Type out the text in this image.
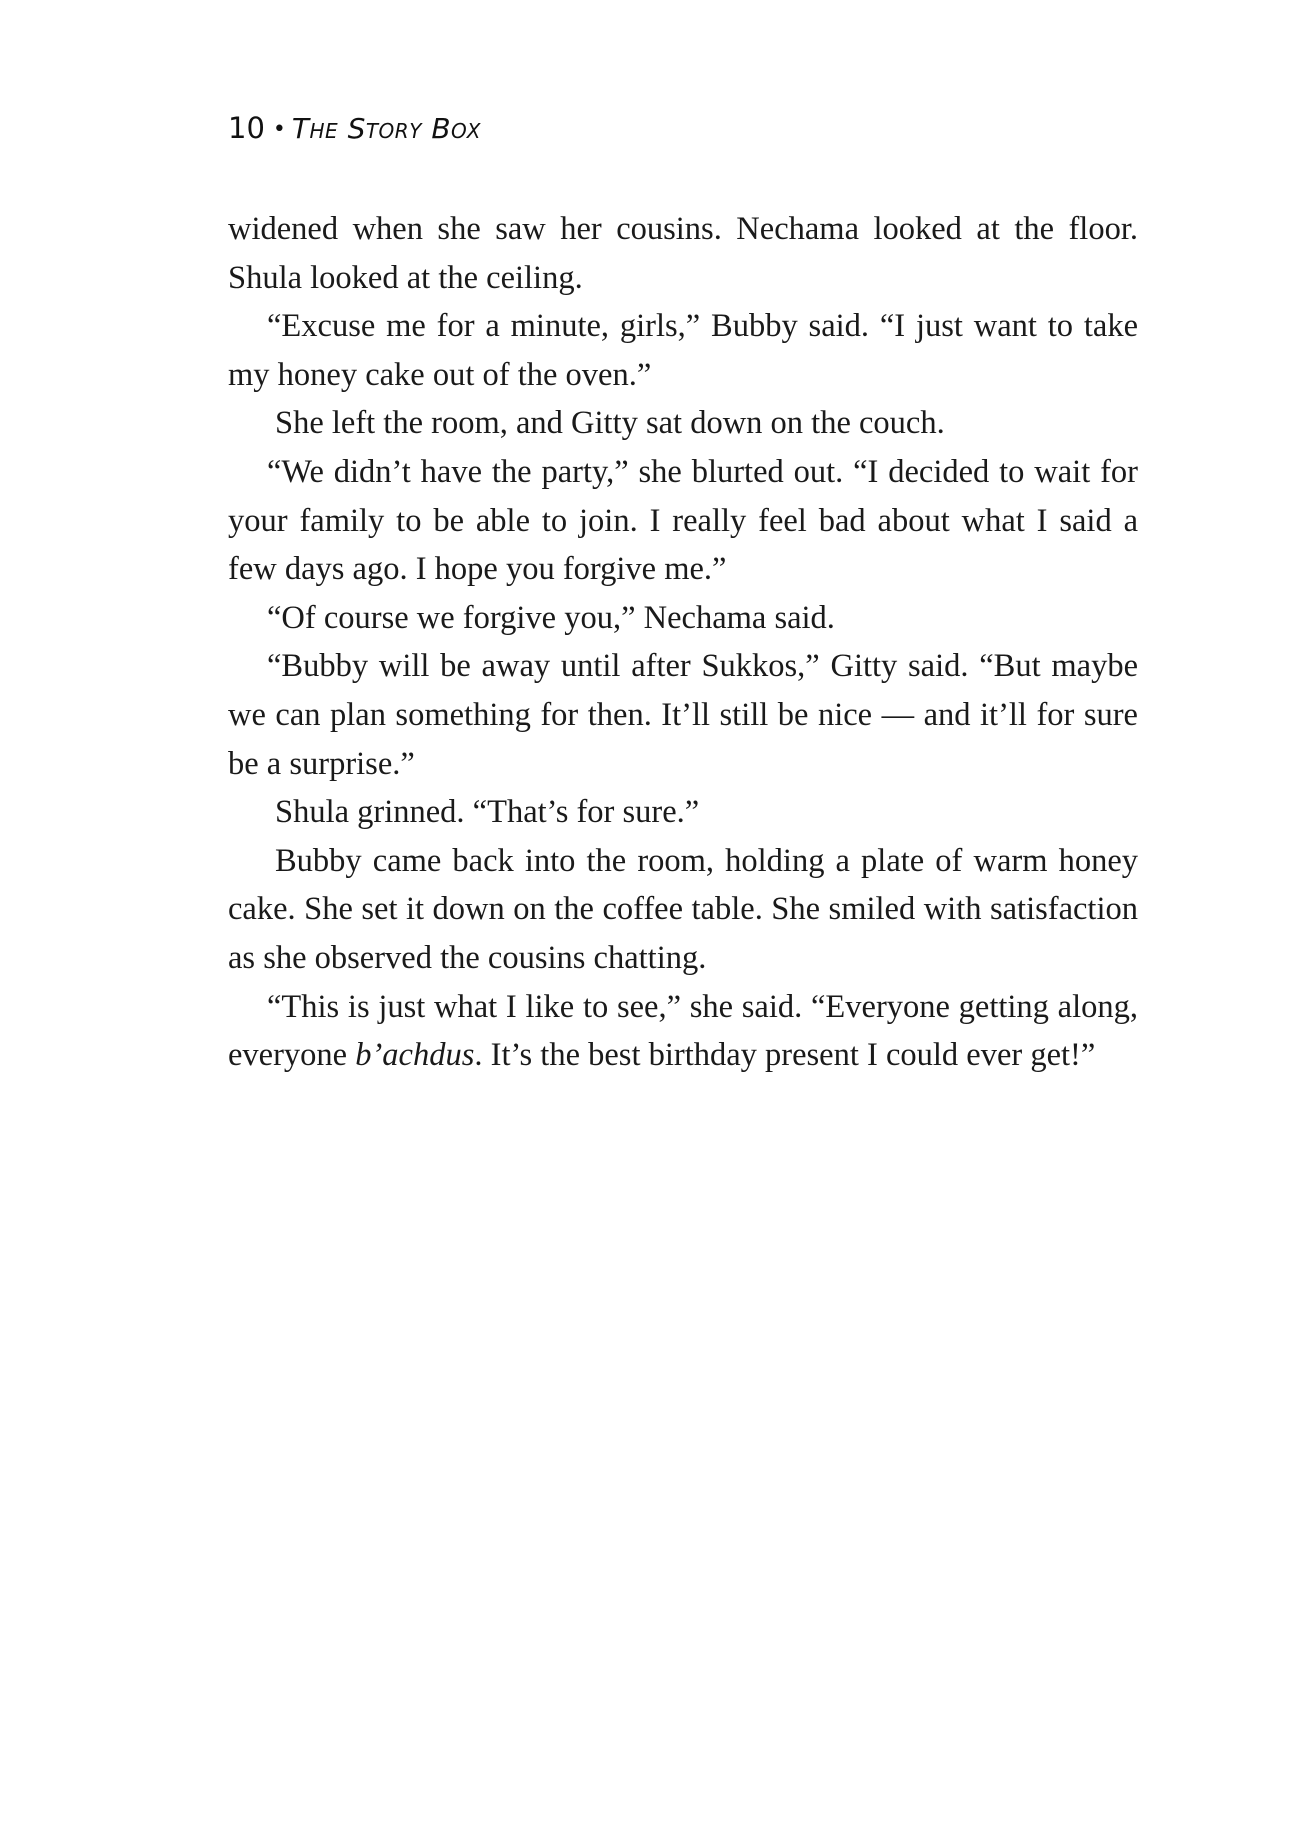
10 • The Story Box

widened when she saw her cousins. Nechama looked at the floor. Shula looked at the ceiling.

“Excuse me for a minute, girls,” Bubby said. “I just want to take my honey cake out of the oven.”

She left the room, and Gitty sat down on the couch.

“We didn’t have the party,” she blurted out. “I decided to wait for your family to be able to join. I really feel bad about what I said a few days ago. I hope you forgive me.”

“Of course we forgive you,” Nechama said.

“Bubby will be away until after Sukkos,” Gitty said. “But maybe we can plan something for then. It’ll still be nice — and it’ll for sure be a surprise.”

Shula grinned. “That’s for sure.”

Bubby came back into the room, holding a plate of warm honey cake. She set it down on the coffee table. She smiled with satisfaction as she observed the cousins chatting.

“This is just what I like to see,” she said. “Everyone getting along, everyone b’achdus. It’s the best birthday present I could ever get!”
